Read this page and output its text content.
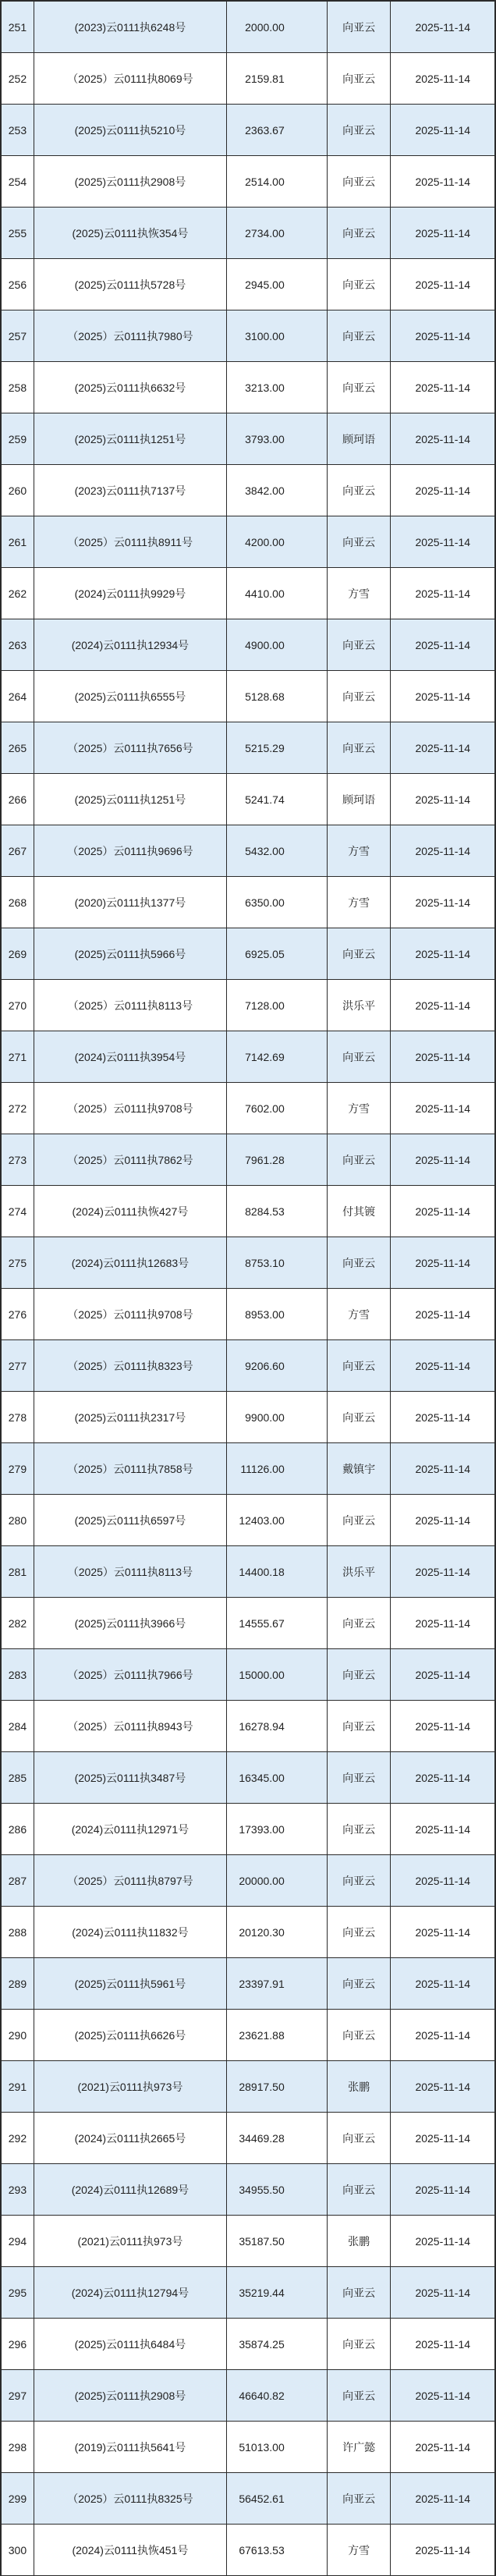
251	(2023)云0111执6248号	2000.00	向亚云	2025-11-14
252	（2025）云0111执8069号	2159.81	向亚云	2025-11-14
253	(2025)云0111执5210号	2363.67	向亚云	2025-11-14
254	(2025)云0111执2908号	2514.00	向亚云	2025-11-14
255	(2025)云0111执恢354号	2734.00	向亚云	2025-11-14
256	(2025)云0111执5728号	2945.00	向亚云	2025-11-14
257	（2025）云0111执7980号	3100.00	向亚云	2025-11-14
258	(2025)云0111执6632号	3213.00	向亚云	2025-11-14
259	(2025)云0111执1251号	3793.00	顾珂语	2025-11-14
260	(2023)云0111执7137号	3842.00	向亚云	2025-11-14
261	（2025）云0111执8911号	4200.00	向亚云	2025-11-14
262	(2024)云0111执9929号	4410.00	方雪	2025-11-14
263	(2024)云0111执12934号	4900.00	向亚云	2025-11-14
264	(2025)云0111执6555号	5128.68	向亚云	2025-11-14
265	（2025）云0111执7656号	5215.29	向亚云	2025-11-14
266	(2025)云0111执1251号	5241.74	顾珂语	2025-11-14
267	（2025）云0111执9696号	5432.00	方雪	2025-11-14
268	(2020)云0111执1377号	6350.00	方雪	2025-11-14
269	(2025)云0111执5966号	6925.05	向亚云	2025-11-14
270	（2025）云0111执8113号	7128.00	洪乐平	2025-11-14
271	(2024)云0111执3954号	7142.69	向亚云	2025-11-14
272	（2025）云0111执9708号	7602.00	方雪	2025-11-14
273	（2025）云0111执7862号	7961.28	向亚云	2025-11-14
274	(2024)云0111执恢427号	8284.53	付其镀	2025-11-14
275	(2024)云0111执12683号	8753.10	向亚云	2025-11-14
276	（2025）云0111执9708号	8953.00	方雪	2025-11-14
277	（2025）云0111执8323号	9206.60	向亚云	2025-11-14
278	(2025)云0111执2317号	9900.00	向亚云	2025-11-14
279	（2025）云0111执7858号	11126.00	戴镇宇	2025-11-14
280	(2025)云0111执6597号	12403.00	向亚云	2025-11-14
281	（2025）云0111执8113号	14400.18	洪乐平	2025-11-14
282	(2025)云0111执3966号	14555.67	向亚云	2025-11-14
283	（2025）云0111执7966号	15000.00	向亚云	2025-11-14
284	（2025）云0111执8943号	16278.94	向亚云	2025-11-14
285	(2025)云0111执3487号	16345.00	向亚云	2025-11-14
286	(2024)云0111执12971号	17393.00	向亚云	2025-11-14
287	（2025）云0111执8797号	20000.00	向亚云	2025-11-14
288	(2024)云0111执11832号	20120.30	向亚云	2025-11-14
289	(2025)云0111执5961号	23397.91	向亚云	2025-11-14
290	(2025)云0111执6626号	23621.88	向亚云	2025-11-14
291	(2021)云0111执973号	28917.50	张鹏	2025-11-14
292	(2024)云0111执2665号	34469.28	向亚云	2025-11-14
293	(2024)云0111执12689号	34955.50	向亚云	2025-11-14
294	(2021)云0111执973号	35187.50	张鹏	2025-11-14
295	(2024)云0111执12794号	35219.44	向亚云	2025-11-14
296	(2025)云0111执6484号	35874.25	向亚云	2025-11-14
297	(2025)云0111执2908号	46640.82	向亚云	2025-11-14
298	(2019)云0111执5641号	51013.00	许广懿	2025-11-14
299	（2025）云0111执8325号	56452.61	向亚云	2025-11-14
300	(2024)云0111执恢451号	67613.53	方雪	2025-11-14
